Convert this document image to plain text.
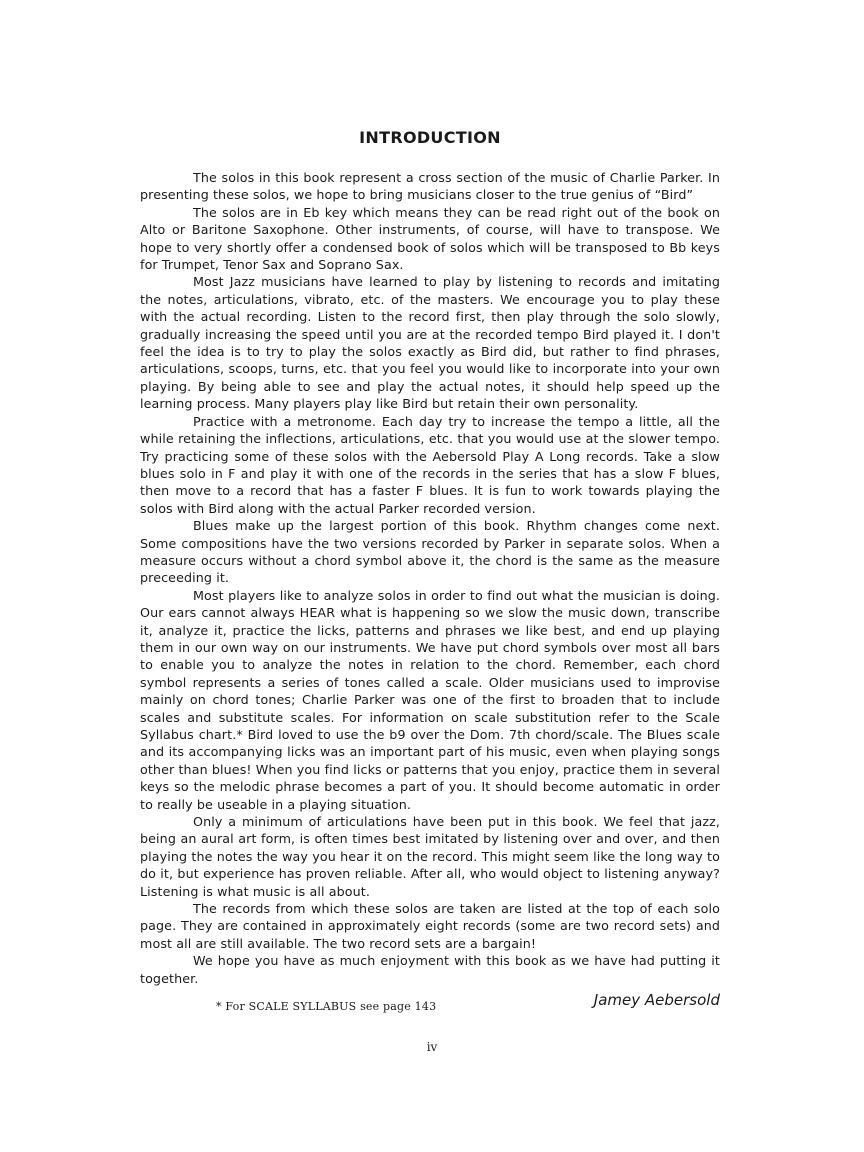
INTRODUCTION

The solos in this book represent a cross section of the music of Charlie Parker. In presenting these solos, we hope to bring musicians closer to the true genius of “Bird”

The solos are in Eb key which means they can be read right out of the book on Alto or Baritone Saxophone. Other instruments, of course, will have to transpose. We hope to very shortly offer a condensed book of solos which will be transposed to Bb keys for Trumpet, Tenor Sax and Soprano Sax.

Most Jazz musicians have learned to play by listening to records and imitating the notes, articulations, vibrato, etc. of the masters. We encourage you to play these with the actual recording. Listen to the record first, then play through the solo slowly, gradually increasing the speed until you are at the recorded tempo Bird played it. I don't feel the idea is to try to play the solos exactly as Bird did, but rather to find phrases, articulations, scoops, turns, etc. that you feel you would like to incorporate into your own playing. By being able to see and play the actual notes, it should help speed up the learning process. Many players play like Bird but retain their own personality.

Practice with a metronome. Each day try to increase the tempo a little, all the while retaining the inflections, articulations, etc. that you would use at the slower tempo. Try practicing some of these solos with the Aebersold Play A Long records. Take a slow blues solo in F and play it with one of the records in the series that has a slow F blues, then move to a record that has a faster F blues. It is fun to work towards playing the solos with Bird along with the actual Parker recorded version.

Blues make up the largest portion of this book. Rhythm changes come next. Some compositions have the two versions recorded by Parker in separate solos. When a measure occurs without a chord symbol above it, the chord is the same as the measure preceeding it.

Most players like to analyze solos in order to find out what the musician is doing. Our ears cannot always HEAR what is happening so we slow the music down, transcribe it, analyze it, practice the licks, patterns and phrases we like best, and end up playing them in our own way on our instruments. We have put chord symbols over most all bars to enable you to analyze the notes in relation to the chord. Remember, each chord symbol represents a series of tones called a scale. Older musicians used to improvise mainly on chord tones; Charlie Parker was one of the first to broaden that to include scales and substitute scales. For information on scale substitution refer to the Scale Syllabus chart.* Bird loved to use the b9 over the Dom. 7th chord/scale. The Blues scale and its accompanying licks was an important part of his music, even when playing songs other than blues! When you find licks or patterns that you enjoy, practice them in several keys so the melodic phrase becomes a part of you. It should become automatic in order to really be useable in a playing situation.

Only a minimum of articulations have been put in this book. We feel that jazz, being an aural art form, is often times best imitated by listening over and over, and then playing the notes the way you hear it on the record. This might seem like the long way to do it, but experience has proven reliable. After all, who would object to listening anyway? Listening is what music is all about.

The records from which these solos are taken are listed at the top of each solo page. They are contained in approximately eight records (some are two record sets) and most all are still available. The two record sets are a bargain!

We hope you have as much enjoyment with this book as we have had putting it together.

Jamey Aebersold
* For SCALE SYLLABUS see page 143
iv
